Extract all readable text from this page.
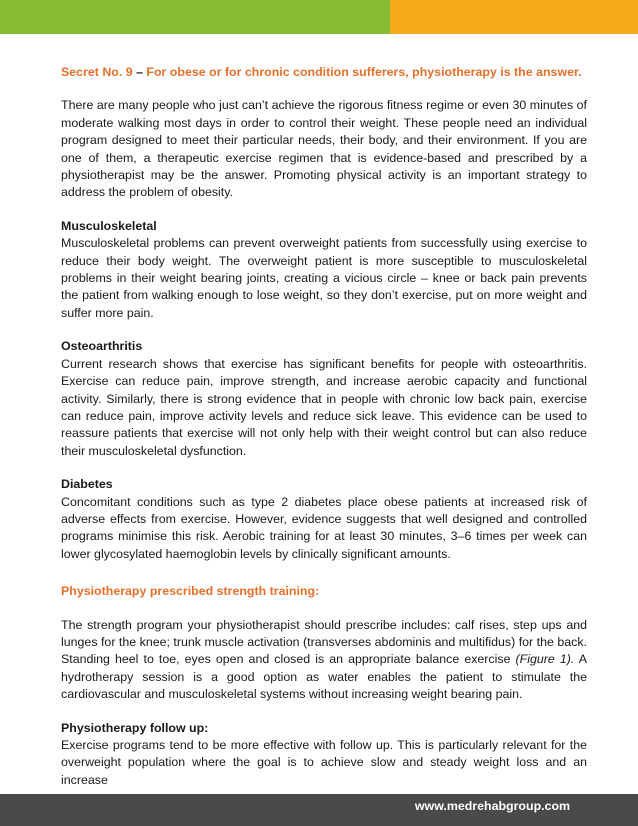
Secret No. 9 – For obese or for chronic condition sufferers, physiotherapy is the answer.

There are many people who just can’t achieve the rigorous fitness regime or even 30 minutes of moderate walking most days in order to control their weight. These people need an individual program designed to meet their particular needs, their body, and their environment. If you are one of them, a therapeutic exercise regimen that is evidence-based and prescribed by a physiotherapist may be the answer. Promoting physical activity is an important strategy to address the problem of obesity.

Musculoskeletal

Musculoskeletal problems can prevent overweight patients from successfully using exercise to reduce their body weight. The overweight patient is more susceptible to musculoskeletal problems in their weight bearing joints, creating a vicious circle – knee or back pain prevents the patient from walking enough to lose weight, so they don’t exercise, put on more weight and suffer more pain.

Osteoarthritis

Current research shows that exercise has significant benefits for people with osteoarthritis. Exercise can reduce pain, improve strength, and increase aerobic capacity and functional activity. Similarly, there is strong evidence that in people with chronic low back pain, exercise can reduce pain, improve activity levels and reduce sick leave. This evidence can be used to reassure patients that exercise will not only help with their weight control but can also reduce their musculoskeletal dysfunction.

Diabetes

Concomitant conditions such as type 2 diabetes place obese patients at increased risk of adverse effects from exercise. However, evidence suggests that well designed and controlled programs minimise this risk. Aerobic training for at least 30 minutes, 3–6 times per week can lower glycosylated haemoglobin levels by clinically significant amounts.

Physiotherapy prescribed strength training:

The strength program your physiotherapist should prescribe includes: calf rises, step ups and lunges for the knee; trunk muscle activation (transverses abdominis and multifidus) for the back. Standing heel to toe, eyes open and closed is an appropriate balance exercise (Figure 1). A hydrotherapy session is a good option as water enables the patient to stimulate the cardiovascular and musculoskeletal systems without increasing weight bearing pain.

Physiotherapy follow up:

Exercise programs tend to be more effective with follow up. This is particularly relevant for the overweight population where the goal is to achieve slow and steady weight loss and an increase

www.medrehabgroup.com
